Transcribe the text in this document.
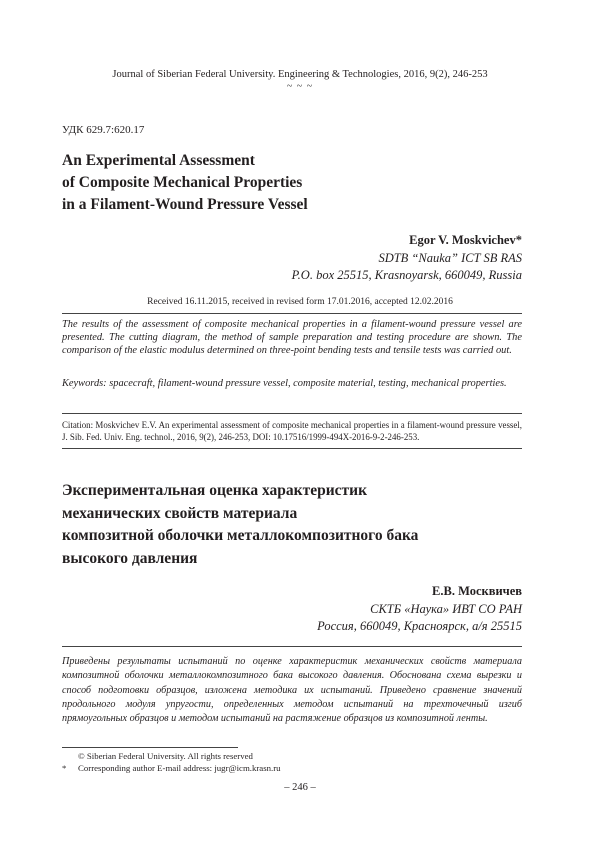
Journal of Siberian Federal University. Engineering & Technologies, 2016, 9(2), 246-253
~ ~ ~
УДК 629.7:620.17
An Experimental Assessment
of Composite Mechanical Properties
in a Filament-Wound Pressure Vessel
Egor V. Moskvichev*
SDTB “Nauka” ICT SB RAS
P.O. box 25515, Krasnoyarsk, 660049, Russia
Received 16.11.2015, received in revised form 17.01.2016, accepted 12.02.2016
The results of the assessment of composite mechanical properties in a filament-wound pressure vessel are presented. The cutting diagram, the method of sample preparation and testing procedure are shown. The comparison of the elastic modulus determined on three-point bending tests and tensile tests was carried out.
Keywords: spacecraft, filament-wound pressure vessel, composite material, testing, mechanical properties.
Citation: Moskvichev E.V. An experimental assessment of composite mechanical properties in a filament-wound pressure vessel, J. Sib. Fed. Univ. Eng. technol., 2016, 9(2), 246-253, DOI: 10.17516/1999-494X-2016-9-2-246-253.
Экспериментальная оценка характеристик
механических свойств материала
композитной оболочки металлокомпозитного бака
высокого давления
Е.В. Москвичев
СКТБ «Наука» ИВТ СО РАН
Россия, 660049, Красноярск, а/я 25515
Приведены результаты испытаний по оценке характеристик механических свойств материала композитной оболочки металлокомпозитного бака высокого давления. Обоснована схема вырезки и способ подготовки образцов, изложена методика их испытаний. Приведено сравнение значений продольного модуля упругости, определенных методом испытаний на трехточечный изгиб прямоугольных образцов и методом испытаний на растяжение образцов из композитной ленты.
© Siberian Federal University. All rights reserved
*	Corresponding author E-mail address: jugr@icm.krasn.ru
– 246 –
